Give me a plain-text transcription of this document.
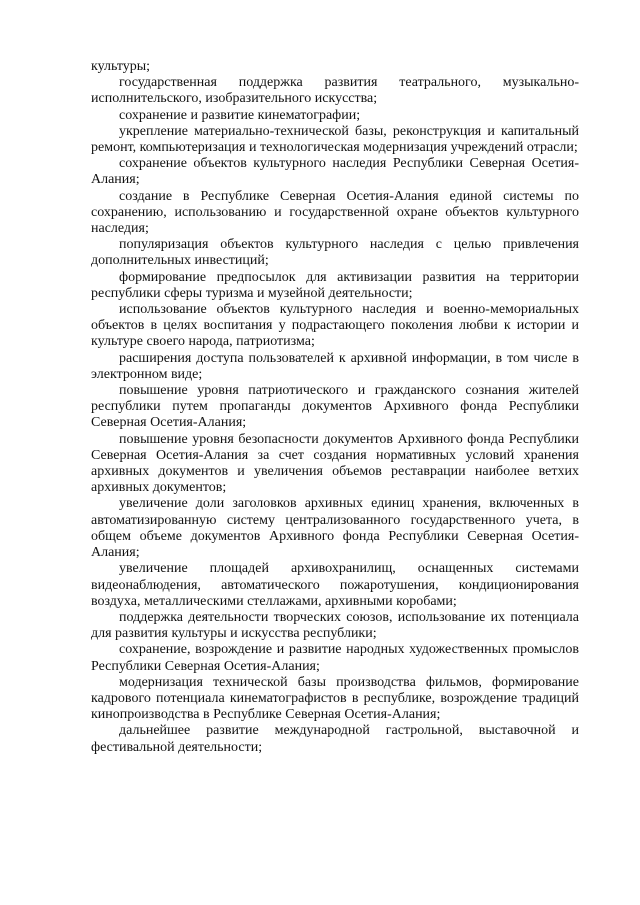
культуры;

государственная поддержка развития театрального, музыкально-исполнительского, изобразительного искусства;

сохранение и развитие кинематографии;

укрепление материально-технической базы, реконструкция и капитальный ремонт, компьютеризация и технологическая модернизация учреждений отрасли;

сохранение объектов культурного наследия Республики Северная Осетия-Алания;

создание в Республике Северная Осетия-Алания единой системы по сохранению, использованию и государственной охране объектов культурного наследия;

популяризация объектов культурного наследия с целью привлечения дополнительных инвестиций;

формирование предпосылок для активизации развития на территории республики сферы туризма и музейной деятельности;

использование объектов культурного наследия и военно-мемориальных объектов в целях воспитания у подрастающего поколения любви к истории и культуре своего народа, патриотизма;

расширения доступа пользователей к архивной информации, в том числе в электронном виде;

повышение уровня патриотического и гражданского сознания жителей республики путем пропаганды документов Архивного фонда Республики Северная Осетия-Алания;

повышение уровня безопасности документов Архивного фонда Республики Северная Осетия-Алания за счет создания нормативных условий хранения архивных документов и увеличения объемов реставрации наиболее ветхих архивных документов;

увеличение доли заголовков архивных единиц хранения, включенных в автоматизированную систему централизованного государственного учета, в общем объеме документов Архивного фонда Республики Северная Осетия-Алания;

увеличение площадей архивохранилищ, оснащенных системами видеонаблюдения, автоматического пожаротушения, кондиционирования воздуха, металлическими стеллажами, архивными коробами;

поддержка деятельности творческих союзов, использование их потенциала для развития культуры и искусства республики;

сохранение, возрождение и развитие народных художественных промыслов Республики Северная Осетия-Алания;

модернизация технической базы производства фильмов, формирование кадрового потенциала кинематографистов в республике, возрождение традиций кинопроизводства в Республике Северная Осетия-Алания;

дальнейшее развитие международной гастрольной, выставочной и фестивальной деятельности;
